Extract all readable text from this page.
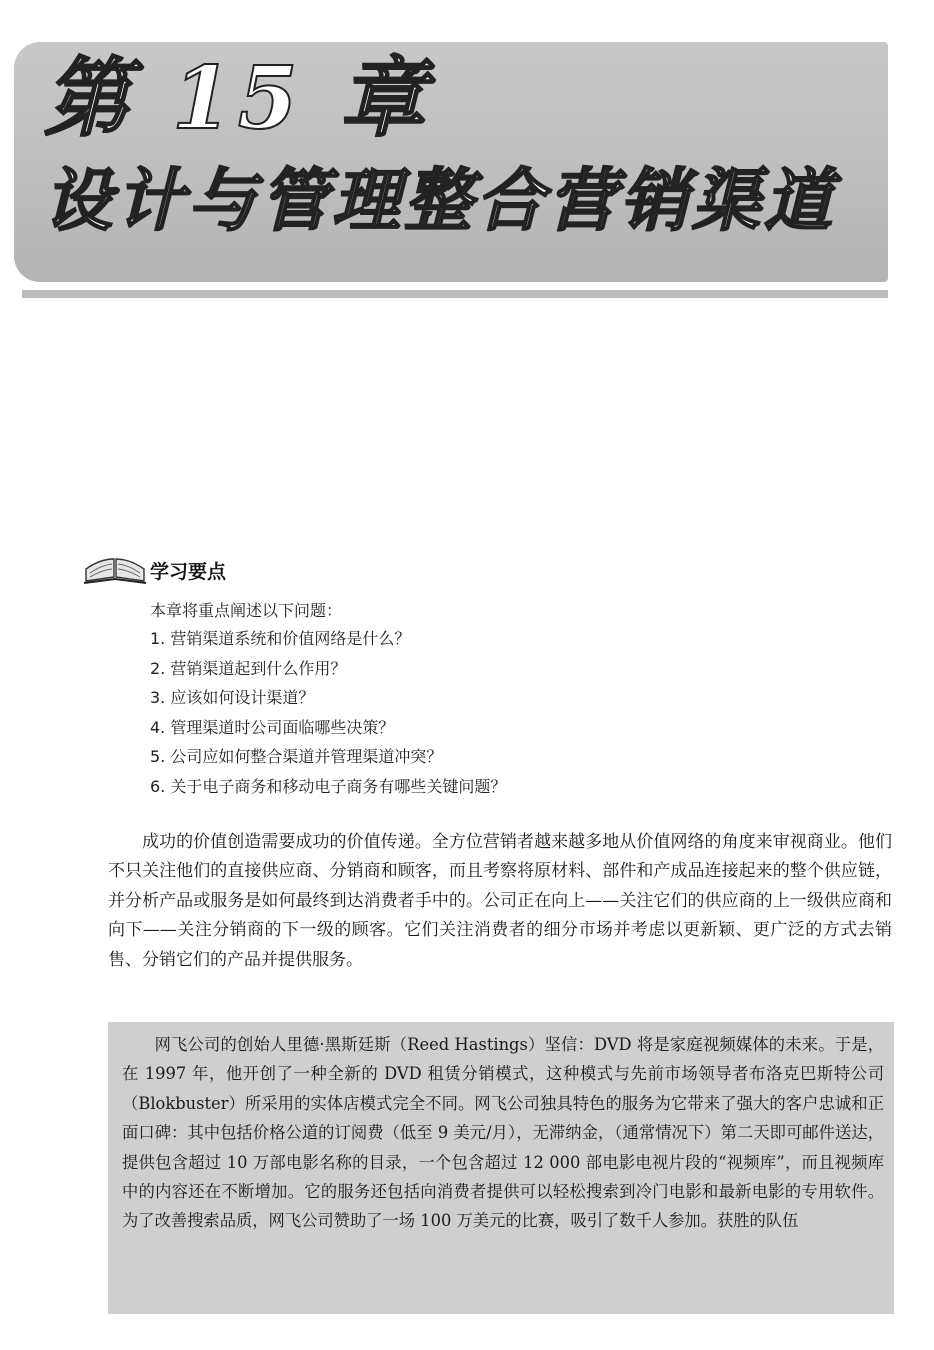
第 15 章
设计与管理整合营销渠道
学习要点
本章将重点阐述以下问题：
1. 营销渠道系统和价值网络是什么？
2. 营销渠道起到什么作用？
3. 应该如何设计渠道？
4. 管理渠道时公司面临哪些决策？
5. 公司应如何整合渠道并管理渠道冲突？
6. 关于电子商务和移动电子商务有哪些关键问题？

成功的价值创造需要成功的价值传递。全方位营销者越来越多地从价值网络的角度来审视商业。他们不只关注他们的直接供应商、分销商和顾客，而且考察将原材料、部件和产成品连接起来的整个供应链，并分析产品或服务是如何最终到达消费者手中的。公司正在向上——关注它们的供应商的上一级供应商和向下——关注分销商的下一级的顾客。它们关注消费者的细分市场并考虑以更新颖、更广泛的方式去销售、分销它们的产品并提供服务。

网飞公司的创始人里德·黑斯廷斯（Reed Hastings）坚信：DVD 将是家庭视频媒体的未来。于是，在 1997 年，他开创了一种全新的 DVD 租赁分销模式，这种模式与先前市场领导者布洛克巴斯特公司（Blokbuster）所采用的实体店模式完全不同。网飞公司独具特色的服务为它带来了强大的客户忠诚和正面口碑：其中包括价格公道的订阅费（低至 9 美元/月），无滞纳金，（通常情况下）第二天即可邮件送达，提供包含超过 10 万部电影名称的目录，一个包含超过 12 000 部电影电视片段的“视频库”，而且视频库中的内容还在不断增加。它的服务还包括向消费者提供可以轻松搜索到冷门电影和最新电影的专用软件。为了改善搜索品质，网飞公司赞助了一场 100 万美元的比赛，吸引了数千人参加。获胜的队伍
